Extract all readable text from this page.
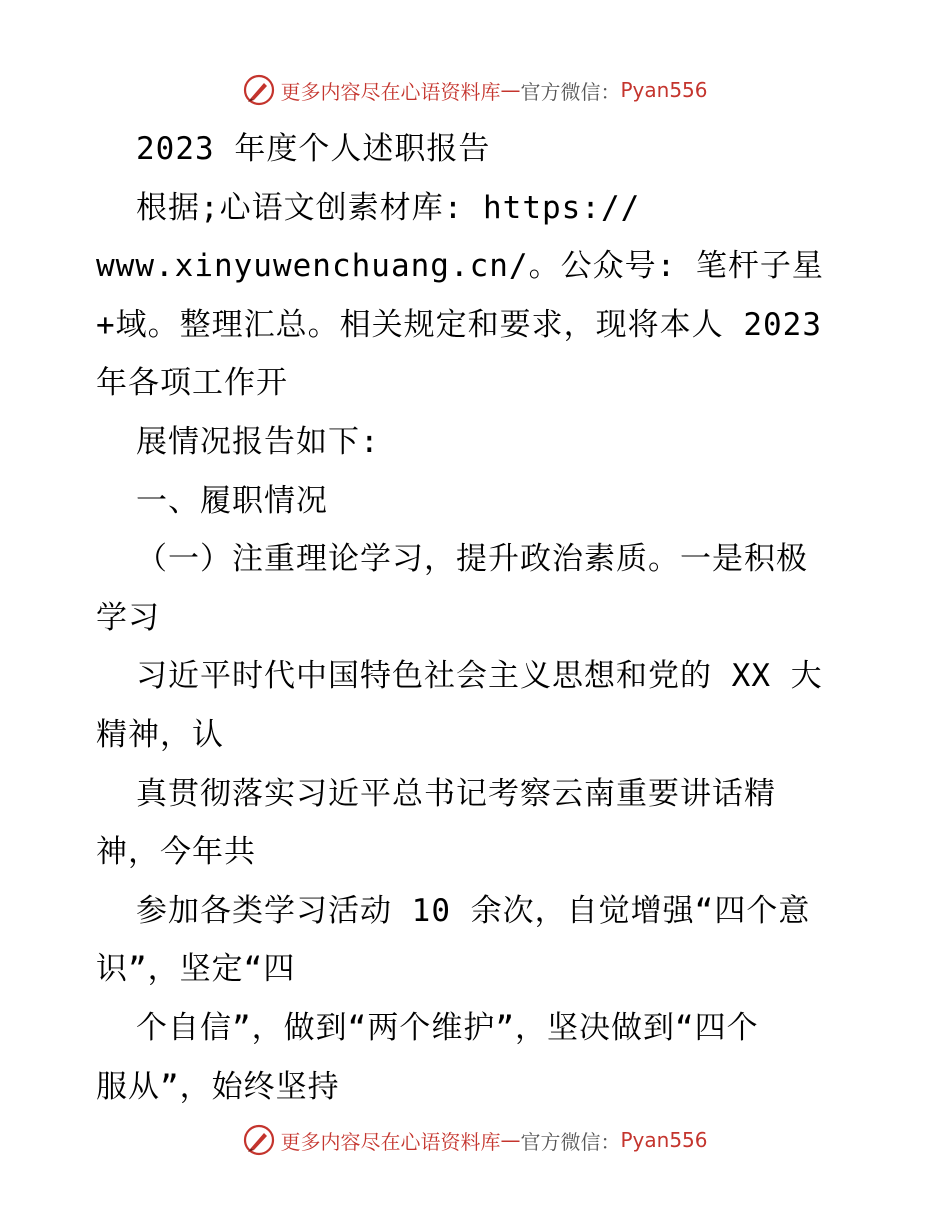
更多内容尽在心语资料库 — 官方微信： Pyan556
2023 年度个人述职报告
根据;心语文创素材库: https://
www.xinyuwenchuang.cn/。公众号: 笔杆子星
+域。整理汇总。相关规定和要求，现将本人 2023
年各项工作开
展情况报告如下:
一、履职情况
（一）注重理论学习，提升政治素质。一是积极
学习
习近平时代中国特色社会主义思想和党的 XX 大
精神，认
真贯彻落实习近平总书记考察云南重要讲话精
神，今年共
参加各类学习活动 10 余次，自觉增强“四个意
识”，坚定“四
个自信”，做到“两个维护”，坚决做到“四个
服从”，始终坚持
更多内容尽在心语资料库 — 官方微信： Pyan556
